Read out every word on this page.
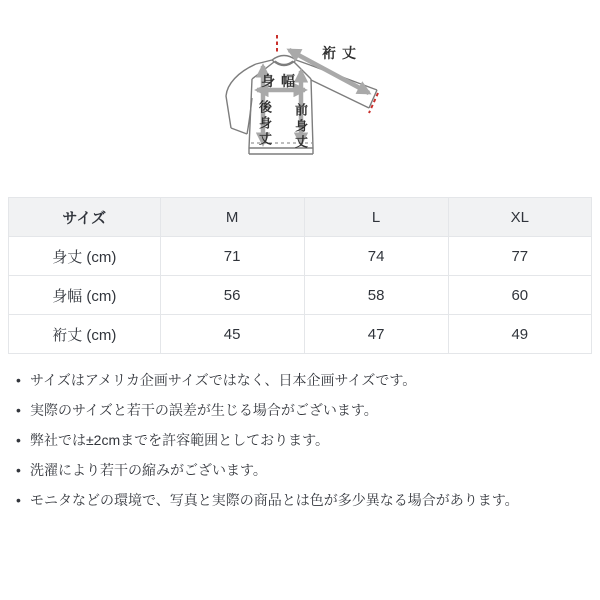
裄丈
身幅
後身丈 前身丈
サイズ	M	L	XL
身丈 (cm)	71	74	77
身幅 (cm)	56	58	60
裄丈 (cm)	45	47	49
• サイズはアメリカ企画サイズではなく、日本企画サイズです。
• 実際のサイズと若干の誤差が生じる場合がございます。
• 弊社では±2cmまでを許容範囲としております。
• 洗濯により若干の縮みがございます。
• モニタなどの環境で、写真と実際の商品とは色が多少異なる場合があります。
